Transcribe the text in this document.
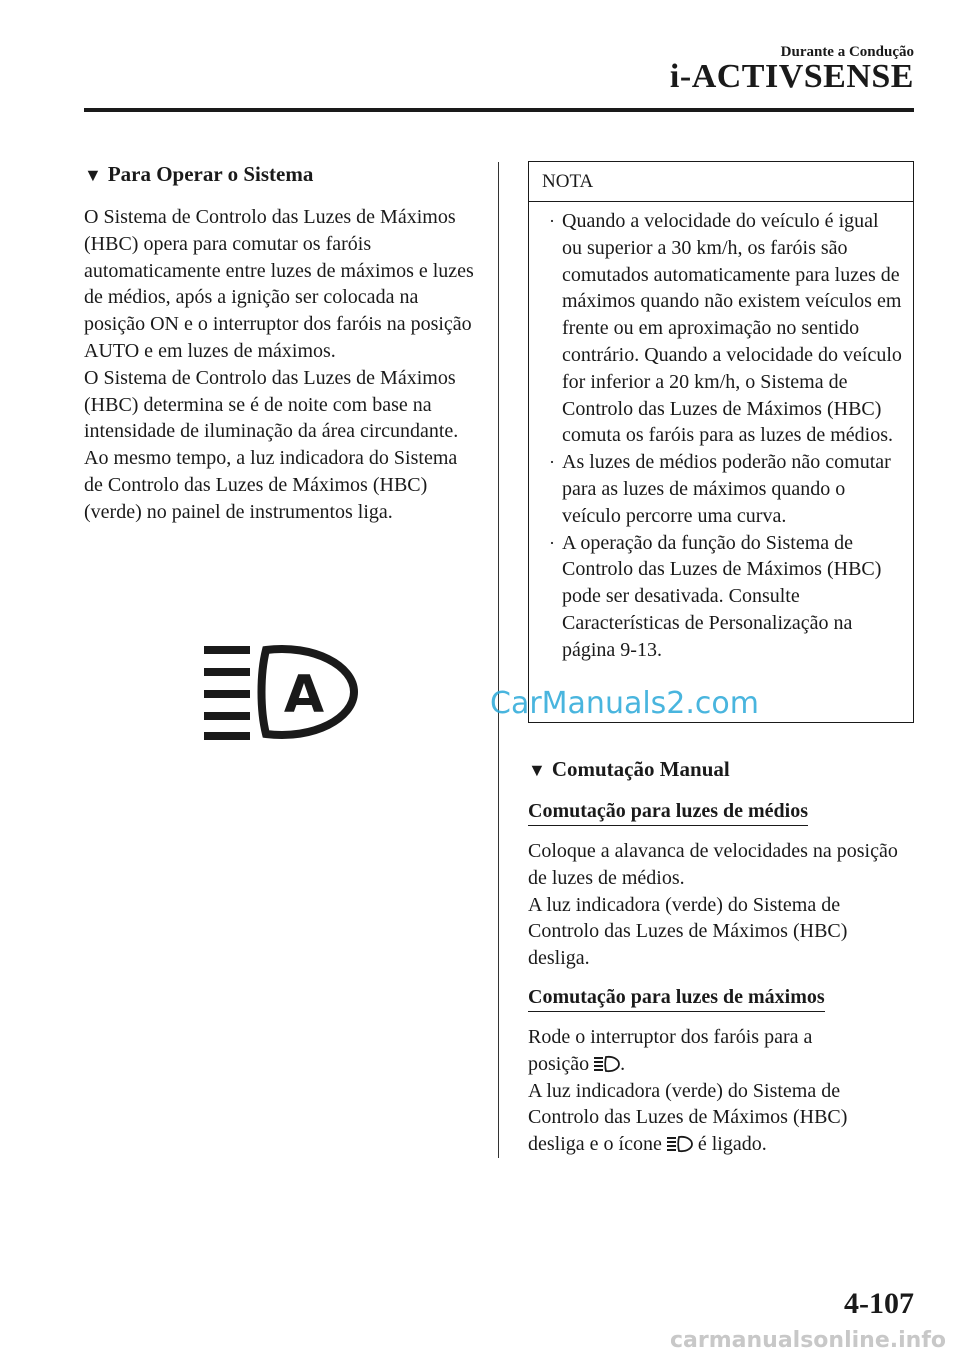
Durante a Condução
i-ACTIVSENSE
▼ Para Operar o Sistema

O Sistema de Controlo das Luzes de Máximos (HBC) opera para comutar os faróis automaticamente entre luzes de máximos e luzes de médios, após a ignição ser colocada na posição ON e o interruptor dos faróis na posição AUTO e em luzes de máximos.

O Sistema de Controlo das Luzes de Máximos (HBC) determina se é de noite com base na intensidade de iluminação da área circundante. Ao mesmo tempo, a luz indicadora do Sistema de Controlo das Luzes de Máximos (HBC) (verde) no painel de instrumentos liga.

A
NOTA
· Quando a velocidade do veículo é igual ou superior a 30 km/h, os faróis são comutados automaticamente para luzes de máximos quando não existem veículos em frente ou em aproximação no sentido contrário. Quando a velocidade do veículo for inferior a 20 km/h, o Sistema de Controlo das Luzes de Máximos (HBC) comuta os faróis para as luzes de médios.
· As luzes de médios poderão não comutar para as luzes de máximos quando o veículo percorre uma curva.
· A operação da função do Sistema de Controlo das Luzes de Máximos (HBC) pode ser desativada. Consulte Características de Personalização na página 9-13.
CarManuals2.com
▼ Comutação Manual
Comutação para luzes de médios

Coloque a alavanca de velocidades na posição de luzes de médios.

A luz indicadora (verde) do Sistema de Controlo das Luzes de Máximos (HBC) desliga.

Comutação para luzes de máximos

Rode o interruptor dos faróis para a

posição .

A luz indicadora (verde) do Sistema de Controlo das Luzes de Máximos (HBC)

desliga e o ícone é ligado.

4-107
carmanualsonline.info
